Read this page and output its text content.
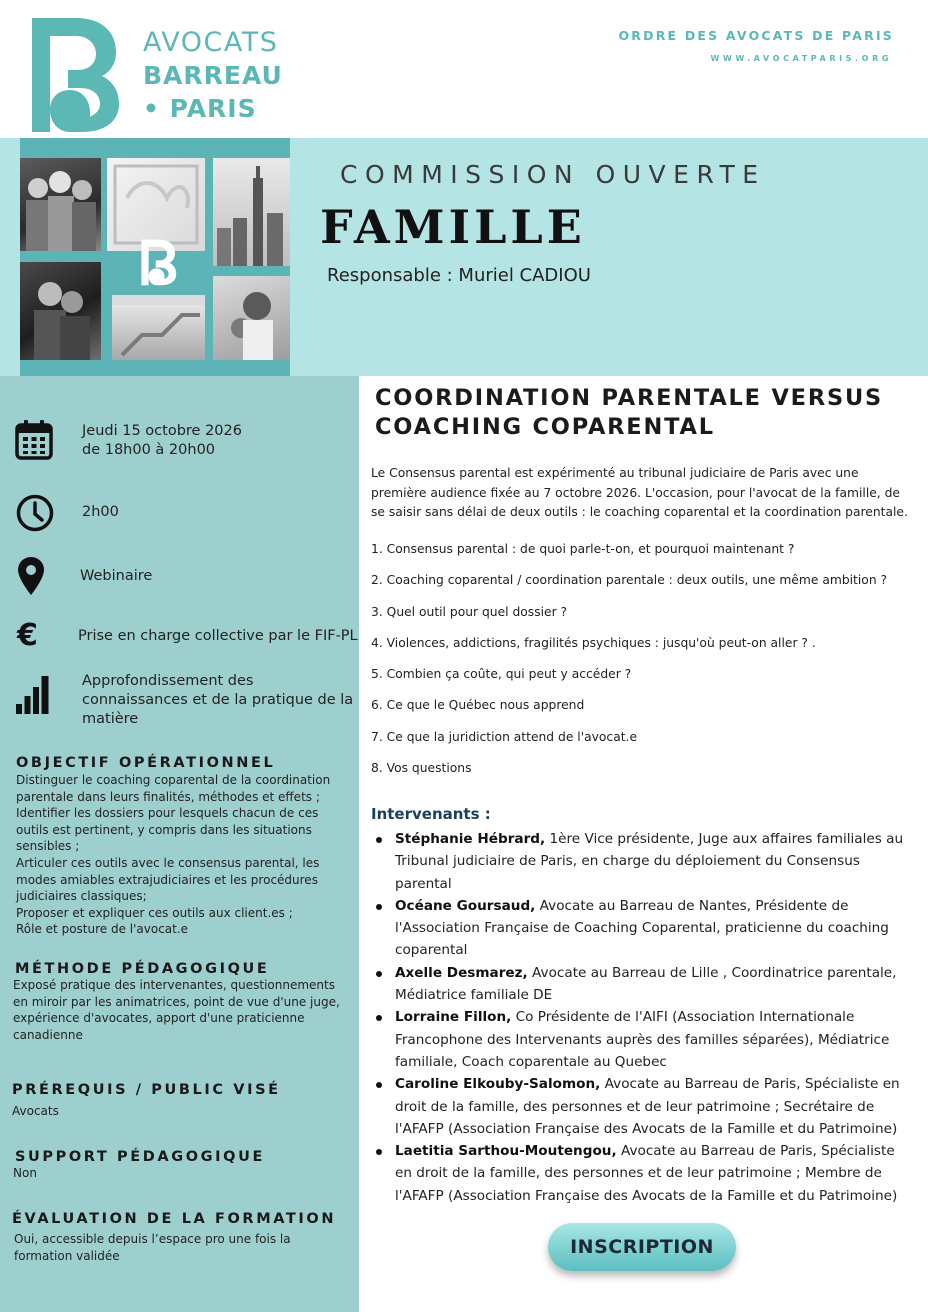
AVOCATS
BARREAU
• PARIS
ORDRE DES AVOCATS DE PARIS
WWW.AVOCATPARIS.ORG
COMMISSION OUVERTE
FAMILLE
Responsable : Muriel CADIOU
Jeudi 15 octobre 2026
de 18h00 à 20h00
2h00
Webinaire
€	Prise en charge collective par le FIF-PL
Approfondissement des
connaissances et de la pratique de la
matière
OBJECTIF OPÉRATIONNEL
Distinguer le coaching coparental de la coordination
parentale dans leurs finalités, méthodes et effets ;
Identifier les dossiers pour lesquels chacun de ces
outils est pertinent, y compris dans les situations
sensibles ;
Articuler ces outils avec le consensus parental, les
modes amiables extrajudiciaires et les procédures
judiciaires classiques;
Proposer et expliquer ces outils aux client.es ;
Rôle et posture de l'avocat.e
MÉTHODE PÉDAGOGIQUE
Exposé pratique des intervenantes, questionnements
en miroir par les animatrices, point de vue d'une juge,
expérience d'avocates, apport d'une praticienne
canadienne
PRÉREQUIS / PUBLIC VISÉ
Avocats
SUPPORT PÉDAGOGIQUE
Non
ÉVALUATION DE LA FORMATION
Oui, accessible depuis l’espace pro une fois la
formation validée
COORDINATION PARENTALE VERSUS
COACHING COPARENTAL
Le Consensus parental est expérimenté au tribunal judiciaire de Paris avec une première audience fixée au 7 octobre 2026. L'occasion, pour l'avocat de la famille, de se saisir sans délai de deux outils : le coaching coparental et la coordination parentale.
1. Consensus parental : de quoi parle-t-on, et pourquoi maintenant ?
2. Coaching coparental / coordination parentale : deux outils, une même ambition ?
3. Quel outil pour quel dossier ?
4. Violences, addictions, fragilités psychiques : jusqu'où peut-on aller ? .
5. Combien ça coûte, qui peut y accéder ?
6. Ce que le Québec nous apprend
7. Ce que la juridiction attend de l'avocat.e
8. Vos questions
Intervenants :
Stéphanie Hébrard, 1ère Vice présidente, Juge aux affaires familiales au Tribunal judiciaire de Paris, en charge du déploiement du Consensus parental
Océane Goursaud, Avocate au Barreau de Nantes, Présidente de l'Association Française de Coaching Coparental, praticienne du coaching coparental
Axelle Desmarez, Avocate au Barreau de Lille , Coordinatrice parentale, Médiatrice familiale DE
Lorraine Fillon, Co Présidente de l'AIFI (Association Internationale Francophone des Intervenants auprès des familles séparées), Médiatrice familiale, Coach coparentale au Quebec
Caroline Elkouby-Salomon, Avocate au Barreau de Paris, Spécialiste en droit de la famille, des personnes et de leur patrimoine ; Secrétaire de l'AFAFP (Association Française des Avocats de la Famille et du Patrimoine)
Laetitia Sarthou-Moutengou, Avocate au Barreau de Paris, Spécialiste en droit de la famille, des personnes et de leur patrimoine ; Membre de l'AFAFP (Association Française des Avocats de la Famille et du Patrimoine)
INSCRIPTION
